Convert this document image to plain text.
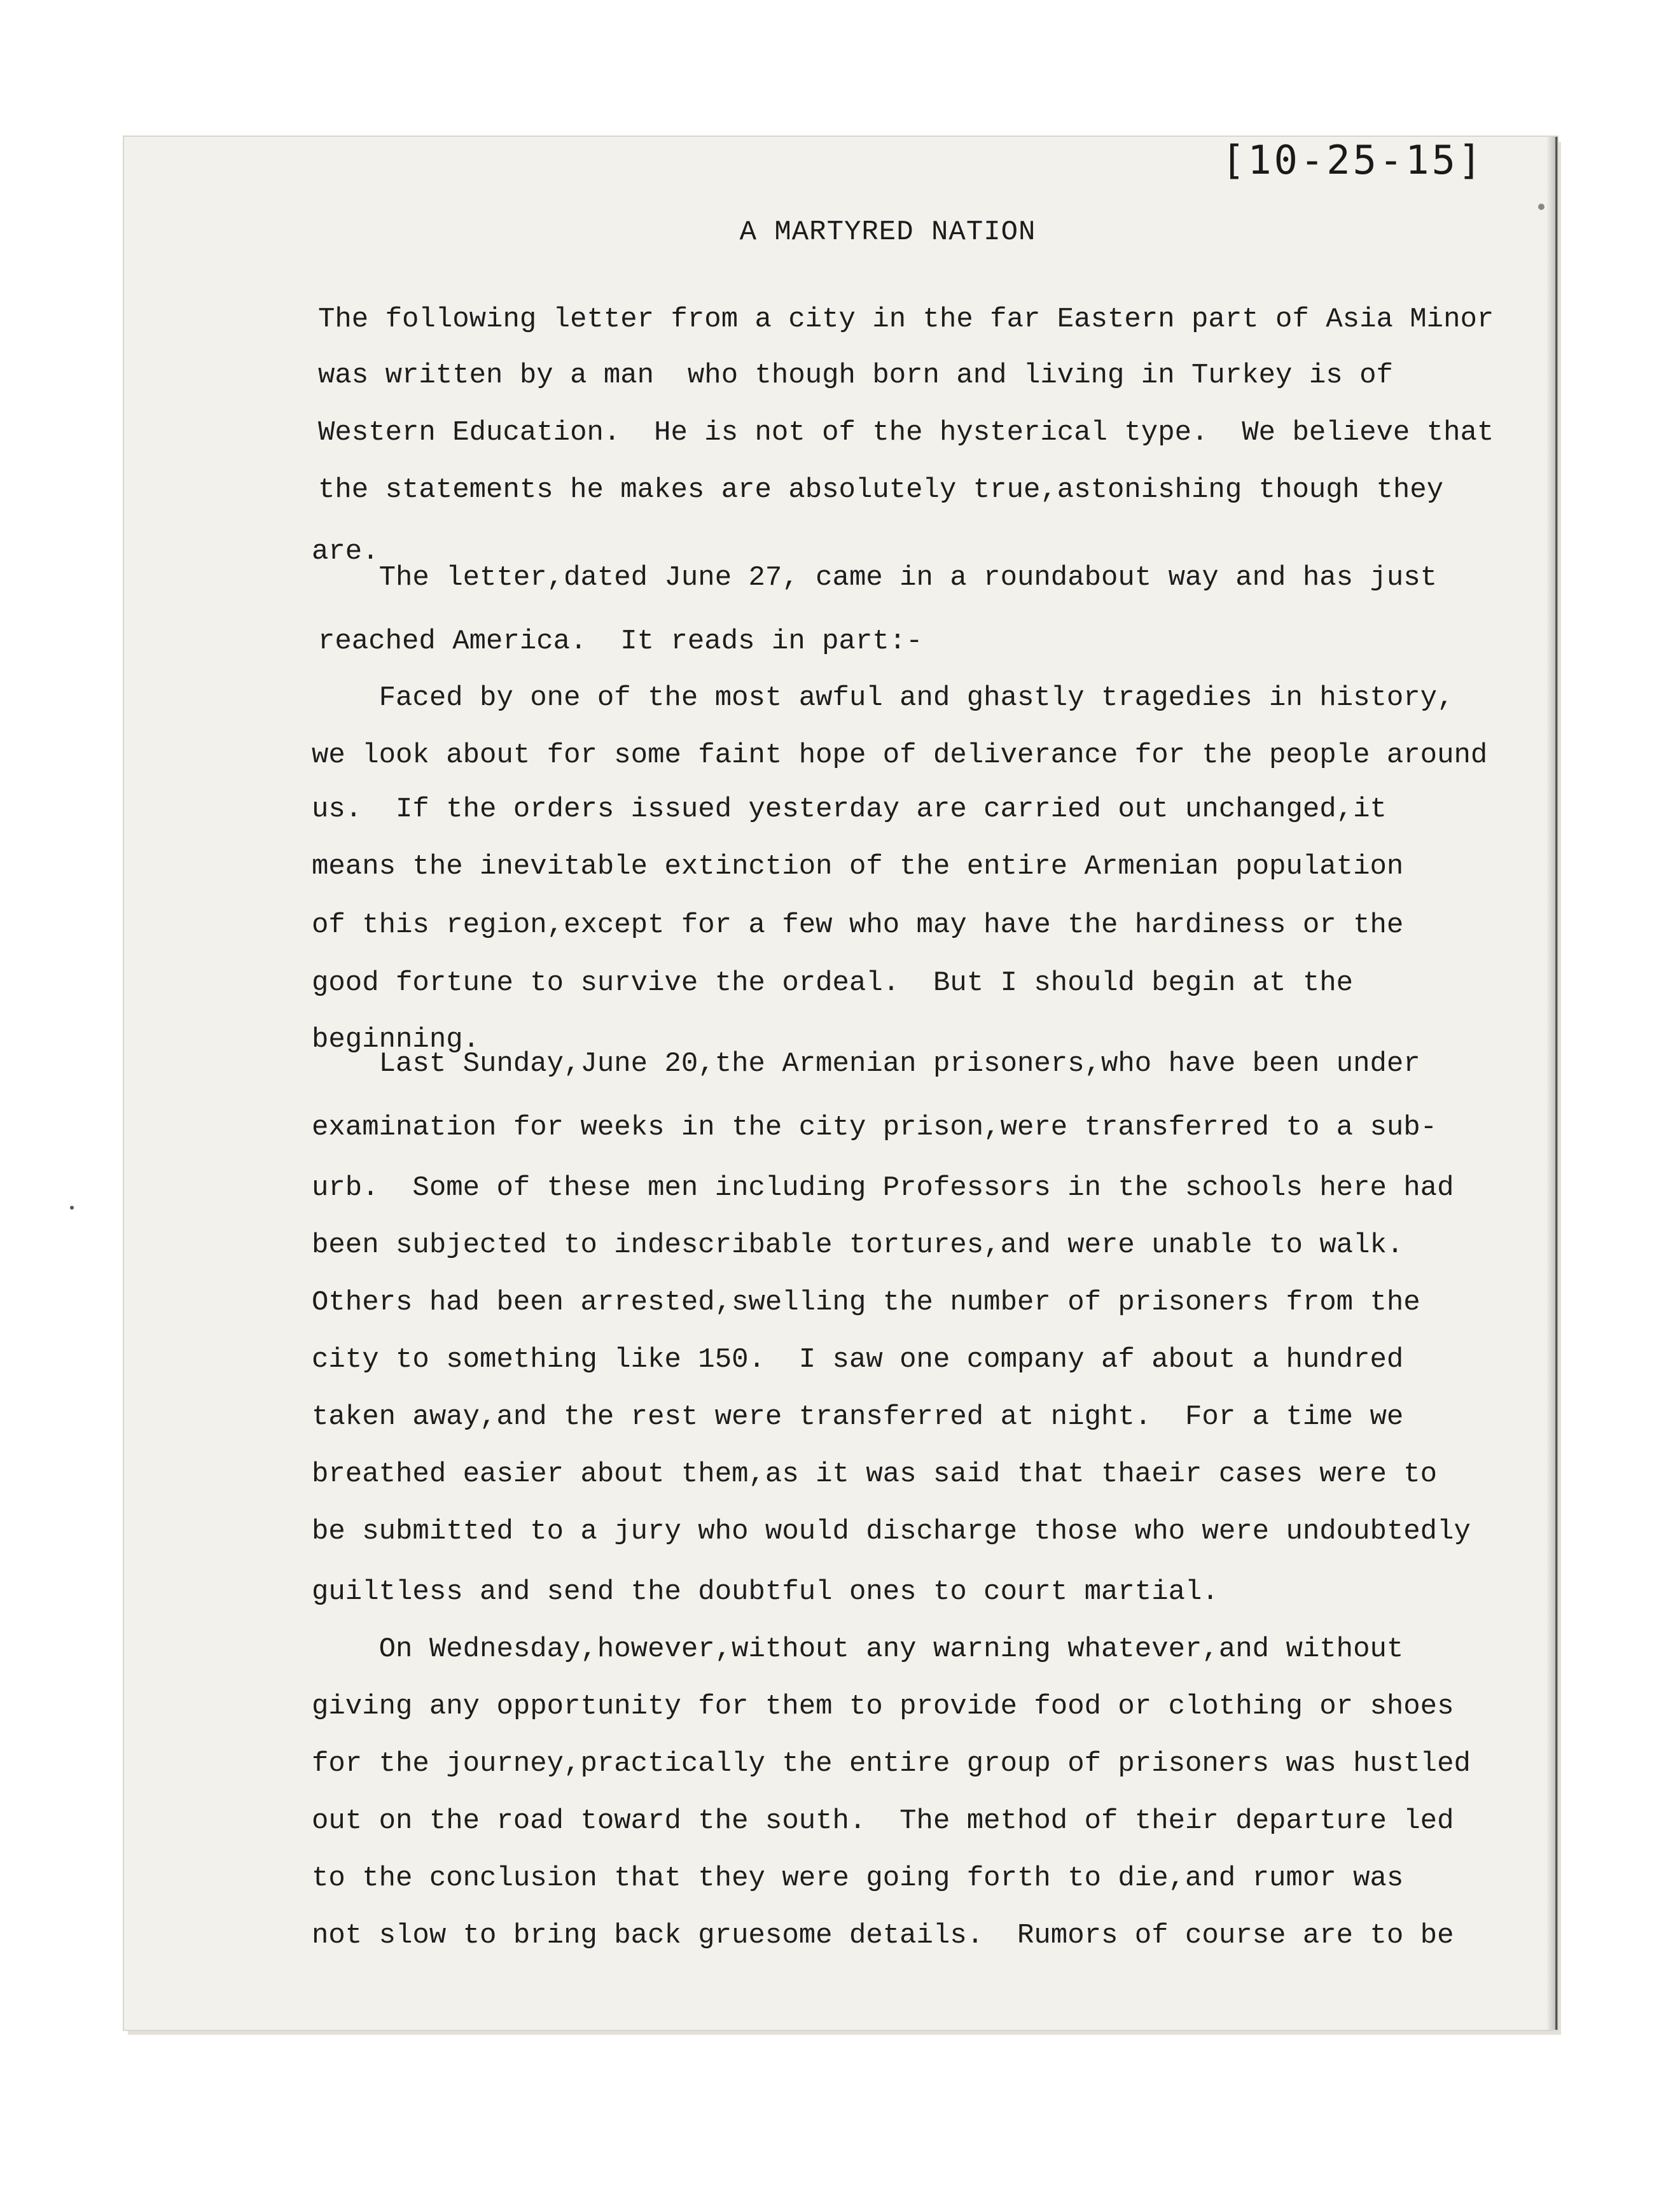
[10-25-15]
A MARTYRED NATION
The following letter from a city in the far Eastern part of Asia Minor
was written by a man  who though born and living in Turkey is of
Western Education.  He is not of the hysterical type.  We believe that
the statements he makes are absolutely true,astonishing though they
are.
The letter,dated June 27, came in a roundabout way and has just
reached America.  It reads in part:-
Faced by one of the most awful and ghastly tragedies in history,
we look about for some faint hope of deliverance for the people around
us.  If the orders issued yesterday are carried out unchanged,it
means the inevitable extinction of the entire Armenian population
of this region,except for a few who may have the hardiness or the
good fortune to survive the ordeal.  But I should begin at the
beginning.
Last Sunday,June 20,the Armenian prisoners,who have been under
examination for weeks in the city prison,were transferred to a sub-
urb.  Some of these men including Professors in the schools here had
been subjected to indescribable tortures,and were unable to walk.
Others had been arrested,swelling the number of prisoners from the
city to something like 150.  I saw one company af about a hundred
taken away,and the rest were transferred at night.  For a time we
breathed easier about them,as it was said that thaeir cases were to
be submitted to a jury who would discharge those who were undoubtedly
guiltless and send the doubtful ones to court martial.
On Wednesday,however,without any warning whatever,and without
giving any opportunity for them to provide food or clothing or shoes
for the journey,practically the entire group of prisoners was hustled
out on the road toward the south.  The method of their departure led
to the conclusion that they were going forth to die,and rumor was
not slow to bring back gruesome details.  Rumors of course are to be
